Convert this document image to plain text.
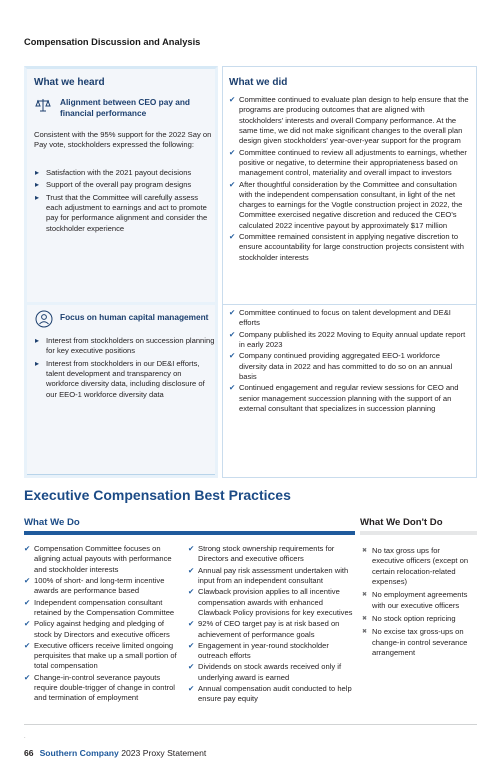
Compensation Discussion and Analysis
What we heard	What we did
Alignment between CEO pay and
financial performance
Consistent with the 95% support for the 2022 Say on Pay vote, stockholders expressed the following:
▸ Satisfaction with the 2021 payout decisions
▸ Support of the overall pay program designs
▸ Trust that the Committee will carefully assess each adjustment to earnings and act to promote pay for performance alignment and consider the stockholder experience
Focus on human capital management
▸ Interest from stockholders on succession planning for key executive positions
▸ Interest from stockholders in our DE&I efforts, talent development and transparency on workforce diversity data, including disclosure of our EEO-1 workforce diversity data
✔ Committee continued to evaluate plan design to help ensure that the programs are producing outcomes that are aligned with stockholders' interests and overall Company performance. At the same time, we did not make significant changes to the overall plan design given stockholders' year-over-year support for the program
✔ Committee continued to review all adjustments to earnings, whether positive or negative, to determine their appropriateness based on management control, materiality and overall impact to investors
✔ After thoughtful consideration by the Committee and consultation with the independent compensation consultant, in light of the net charges to earnings for the Vogtle construction project in 2022, the Committee exercised negative discretion and reduced the CEO's calculated 2022 incentive payout by approximately $17 million
✔ Committee remained consistent in applying negative discretion to ensure accountability for large construction projects consistent with stockholder interests
✔ Committee continued to focus on talent development and DE&I efforts
✔ Company published its 2022 Moving to Equity annual update report in early 2023
✔ Company continued providing aggregated EEO-1 workforce diversity data in 2022 and has committed to do so on an annual basis
✔ Continued engagement and regular review sessions for CEO and senior management succession planning with the support of an external consultant that specializes in succession planning
Executive Compensation Best Practices
What We Do	What We Don't Do
✔ Compensation Committee focuses on aligning actual payouts with performance and stockholder interests
✔ 100% of short- and long-term incentive awards are performance based
✔ Independent compensation consultant retained by the Compensation Committee
✔ Policy against hedging and pledging of stock by Directors and executive officers
✔ Executive officers receive limited ongoing perquisites that make up a small portion of total compensation
✔ Change-in-control severance payouts require double-trigger of change in control and termination of employment
✔ Strong stock ownership requirements for Directors and executive officers
✔ Annual pay risk assessment undertaken with input from an independent consultant
✔ Clawback provision applies to all incentive compensation awards with enhanced Clawback Policy provisions for key executives
✔ 92% of CEO target pay is at risk based on achievement of performance goals
✔ Engagement in year-round stockholder outreach efforts
✔ Dividends on stock awards received only if underlying award is earned
✔ Annual compensation audit conducted to help ensure pay equity
✖ No tax gross ups for executive officers (except on certain relocation-related expenses)
✖ No employment agreements with our executive officers
✖ No stock option repricing
✖ No excise tax gross-ups on change-in control severance arrangement
·
66 Southern Company 2023 Proxy Statement
